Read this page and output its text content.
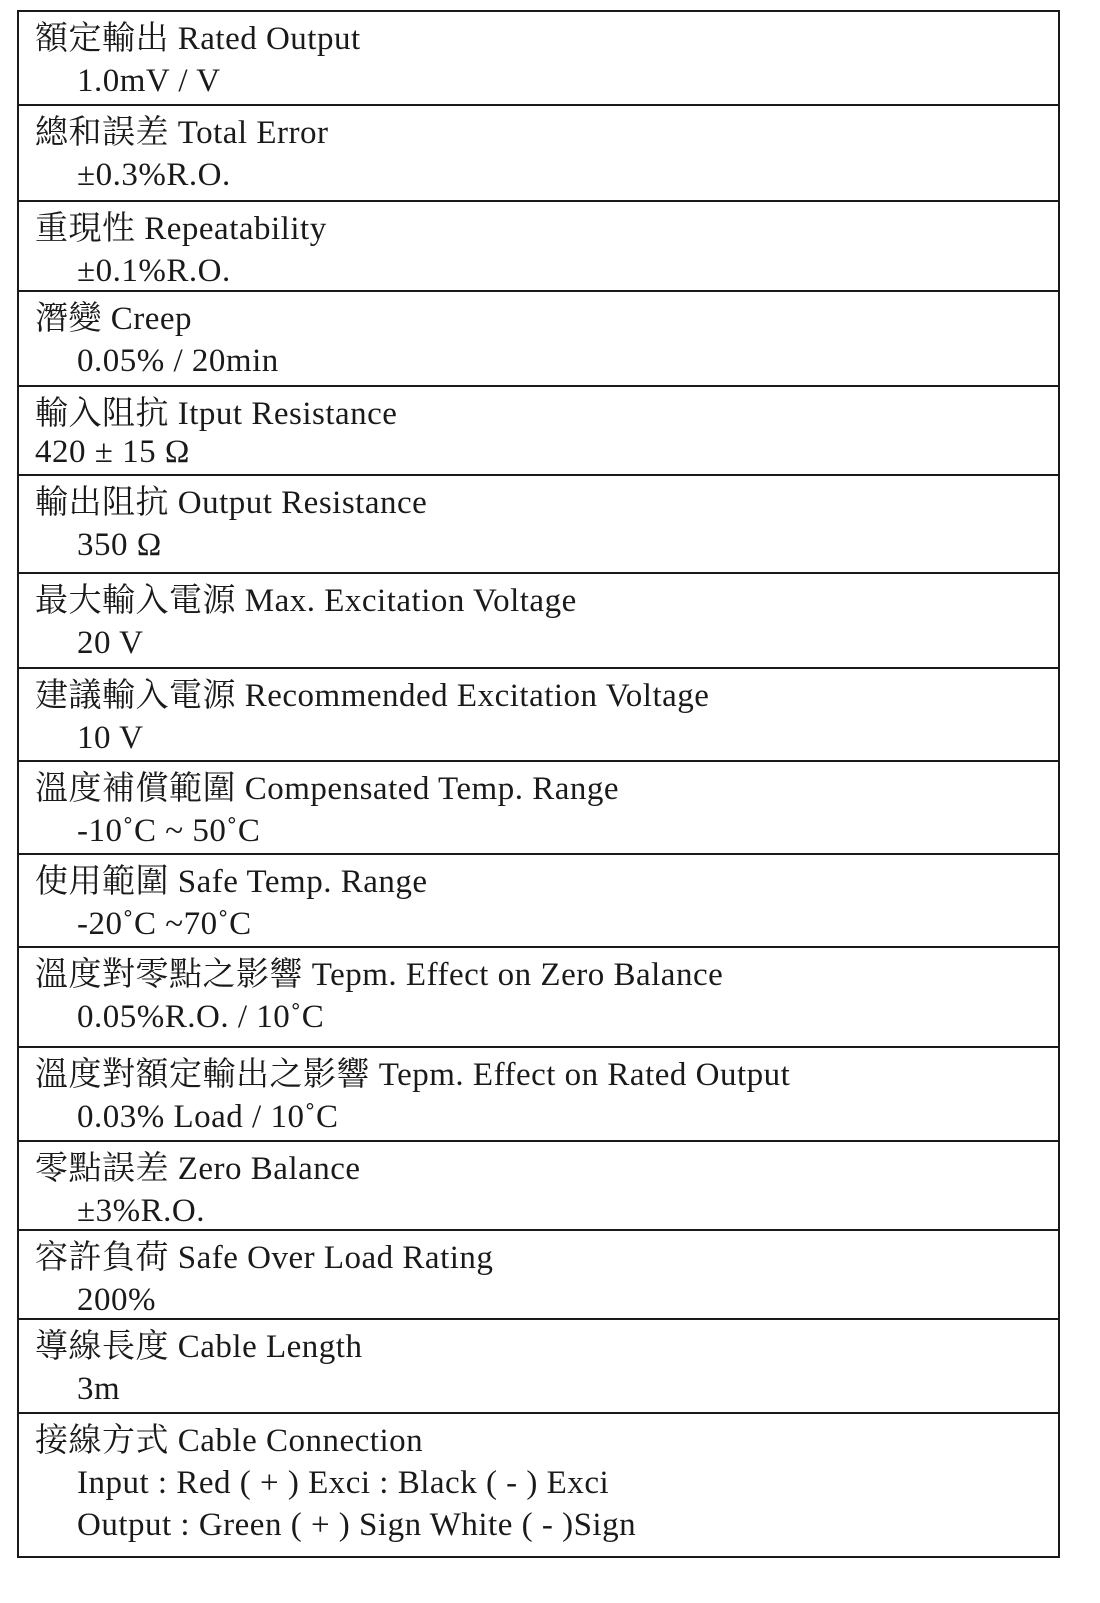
額定輸出 Rated Output
1.0mV / V
總和誤差 Total Error
±0.3%R.O.
重現性 Repeatability
±0.1%R.O.
潛變 Creep
0.05% / 20min
輸入阻抗 Itput Resistance
420 ± 15 Ω
輸出阻抗 Output Resistance
350 Ω
最大輸入電源 Max. Excitation Voltage
20 V
建議輸入電源 Recommended Excitation Voltage
10 V
溫度補償範圍 Compensated Temp. Range
-10˚C ~ 50˚C
使用範圍 Safe Temp. Range
-20˚C ~70˚C
溫度對零點之影響 Tepm. Effect on Zero Balance
0.05%R.O. / 10˚C
溫度對額定輸出之影響 Tepm. Effect on Rated Output
0.03% Load / 10˚C
零點誤差 Zero Balance
±3%R.O.
容許負荷 Safe Over Load Rating
200%
導線長度 Cable Length
3m
接線方式 Cable Connection
Input : Red ( + ) Exci : Black ( - ) Exci
Output : Green ( + ) Sign White ( - )Sign
